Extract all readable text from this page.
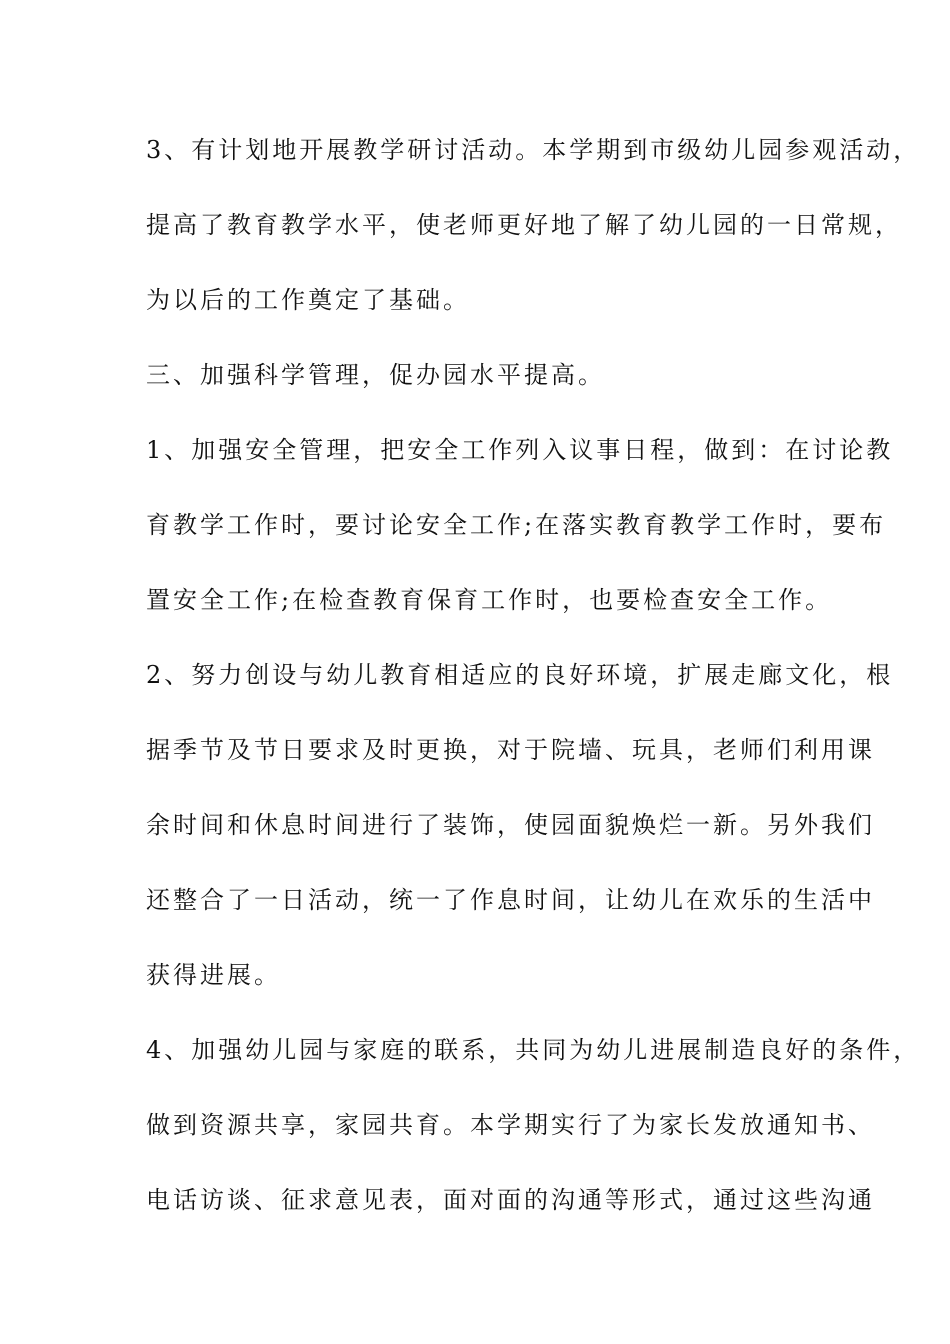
3、有计划地开展教学研讨活动。本学期到市级幼儿园参观活动，
提高了教育教学水平，使老师更好地了解了幼儿园的一日常规，
为以后的工作奠定了基础。
三、加强科学管理，促办园水平提高。
1、加强安全管理，把安全工作列入议事日程，做到：在讨论教
育教学工作时，要讨论安全工作;在落实教育教学工作时，要布
置安全工作;在检查教育保育工作时，也要检查安全工作。
2、努力创设与幼儿教育相适应的良好环境，扩展走廊文化，根
据季节及节日要求及时更换，对于院墙、玩具，老师们利用课
余时间和休息时间进行了装饰，使园面貌焕烂一新。另外我们
还整合了一日活动，统一了作息时间，让幼儿在欢乐的生活中
获得进展。
4、加强幼儿园与家庭的联系，共同为幼儿进展制造良好的条件，
做到资源共享，家园共育。本学期实行了为家长发放通知书、
电话访谈、征求意见表，面对面的沟通等形式，通过这些沟通
